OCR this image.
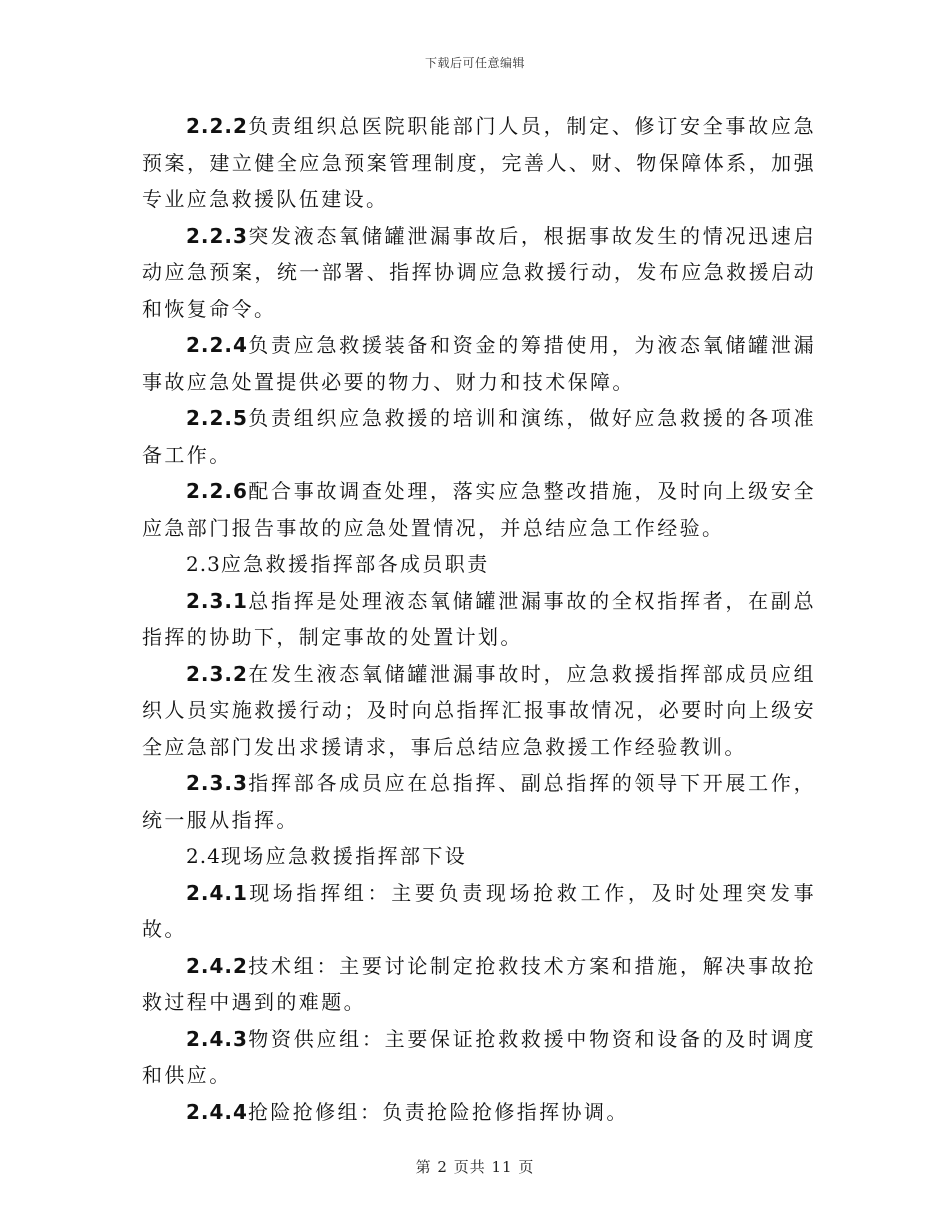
下载后可任意编辑

2.2.2负责组织总医院职能部门人员，制定、修订安全事故应急预案，建立健全应急预案管理制度，完善人、财、物保障体系，加强专业应急救援队伍建设。

2.2.3突发液态氧储罐泄漏事故后，根据事故发生的情况迅速启动应急预案，统一部署、指挥协调应急救援行动，发布应急救援启动和恢复命令。

2.2.4负责应急救援装备和资金的筹措使用，为液态氧储罐泄漏事故应急处置提供必要的物力、财力和技术保障。

2.2.5负责组织应急救援的培训和演练，做好应急救援的各项准备工作。

2.2.6配合事故调查处理，落实应急整改措施，及时向上级安全应急部门报告事故的应急处置情况，并总结应急工作经验。

2.3应急救援指挥部各成员职责

2.3.1总指挥是处理液态氧储罐泄漏事故的全权指挥者，在副总指挥的协助下，制定事故的处置计划。

2.3.2在发生液态氧储罐泄漏事故时，应急救援指挥部成员应组织人员实施救援行动；及时向总指挥汇报事故情况，必要时向上级安全应急部门发出求援请求，事后总结应急救援工作经验教训。

2.3.3指挥部各成员应在总指挥、副总指挥的领导下开展工作，统一服从指挥。

2.4现场应急救援指挥部下设

2.4.1现场指挥组：主要负责现场抢救工作，及时处理突发事故。

2.4.2技术组：主要讨论制定抢救技术方案和措施，解决事故抢救过程中遇到的难题。

2.4.3物资供应组：主要保证抢救救援中物资和设备的及时调度和供应。

2.4.4抢险抢修组：负责抢险抢修指挥协调。

第 2 页共 11 页
